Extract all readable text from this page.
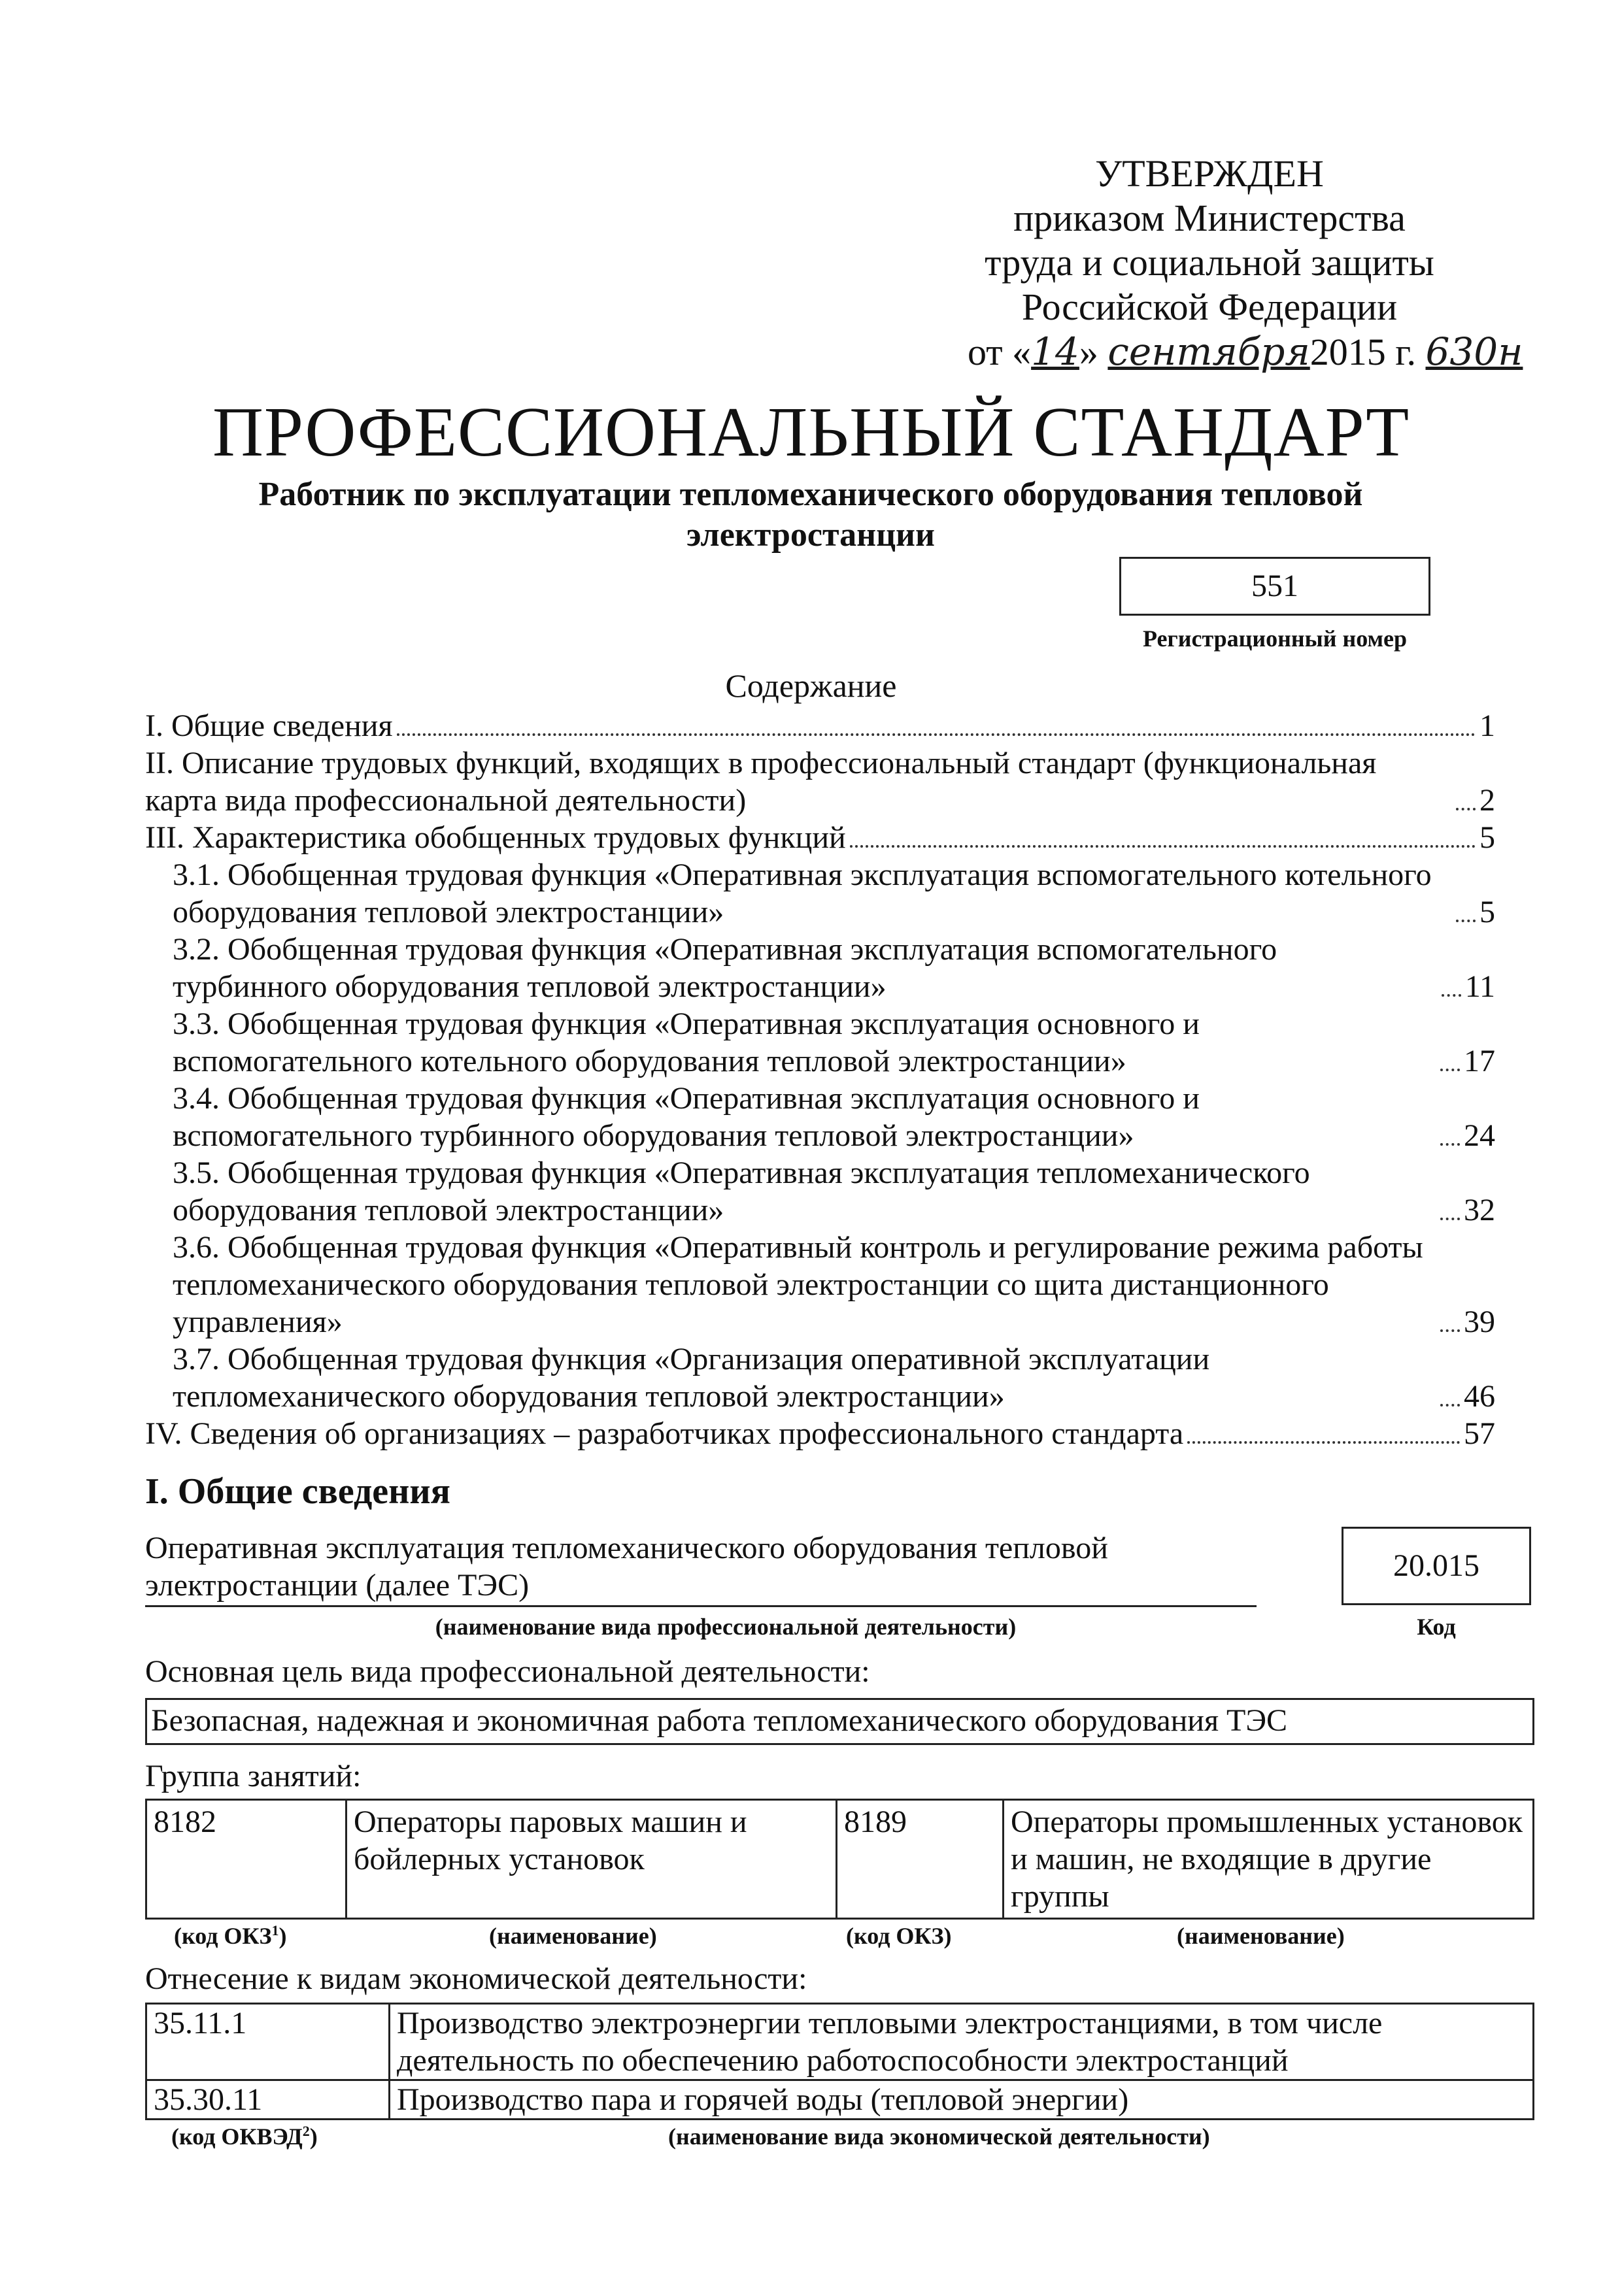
УТВЕРЖДЕН
приказом Министерства
труда и социальной защиты
Российской Федерации
от «14» сентября2015 г. 630н
ПРОФЕССИОНАЛЬНЫЙ СТАНДАРТ
Работник по эксплуатации тепломеханического оборудования тепловой электростанции
551
Регистрационный номер
Содержание
I. Общие сведения	1
II. Описание трудовых функций, входящих в профессиональный стандарт (функциональная карта вида профессиональной деятельности)	2
III. Характеристика обобщенных трудовых функций	5
3.1. Обобщенная трудовая функция «Оперативная эксплуатация вспомогательного котельного оборудования тепловой электростанции»	5
3.2. Обобщенная трудовая функция «Оперативная эксплуатация вспомогательного турбинного оборудования тепловой электростанции»	11
3.3. Обобщенная трудовая функция «Оперативная эксплуатация основного и вспомогательного котельного оборудования тепловой электростанции»	17
3.4. Обобщенная трудовая функция «Оперативная эксплуатация основного и вспомогательного турбинного оборудования тепловой электростанции»	24
3.5. Обобщенная трудовая функция «Оперативная эксплуатация тепломеханического оборудования тепловой электростанции»	32
3.6. Обобщенная трудовая функция «Оперативный контроль и регулирование режима работы тепломеханического оборудования тепловой электростанции со щита дистанционного управления»	39
3.7. Обобщенная трудовая функция «Организация оперативной эксплуатации тепломеханического оборудования тепловой электростанции»	46
IV. Сведения об организациях – разработчиках профессионального стандарта	57
I. Общие сведения
Оперативная эксплуатация тепломеханического оборудования тепловой электростанции (далее ТЭС)
(наименование вида профессиональной деятельности)
20.015
Код
Основная цель вида профессиональной деятельности:
Безопасная, надежная и экономичная работа тепломеханического оборудования ТЭС
Группа занятий:
8182	Операторы паровых машин и бойлерных установок	8189	Операторы промышленных установок и машин, не входящие в другие группы
(код ОКЗ$^1$)	(наименование)	(код ОКЗ)	(наименование)
Отнесение к видам экономической деятельности:
35.11.1	Производство электроэнергии тепловыми электростанциями, в том числе деятельность по обеспечению работоспособности электростанций
35.30.11	Производство пара и горячей воды (тепловой энергии)
(код ОКВЭД$^2$)	(наименование вида экономической деятельности)
